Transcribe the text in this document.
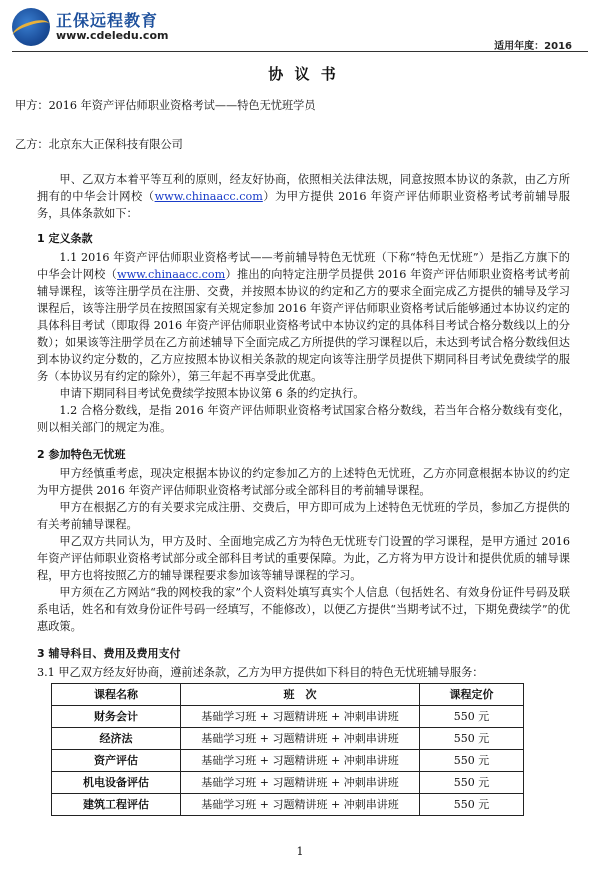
正保远程教育
www.cdeledu.com
适用年度：2016
协 议 书

甲方：2016 年资产评估师职业资格考试——特色无忧班学员

乙方：北京东大正保科技有限公司

甲、乙双方本着平等互利的原则，经友好协商，依照相关法律法规，同意按照本协议的条款，由乙方所拥有的中华会计网校（www.chinaacc.com）为甲方提供 2016 年资产评估师职业资格考试考前辅导服务，具体条款如下：

1 定义条款

1.1 2016 年资产评估师职业资格考试——考前辅导特色无忧班（下称“特色无忧班”）是指乙方旗下的中华会计网校（www.chinaacc.com）推出的向特定注册学员提供 2016 年资产评估师职业资格考试考前辅导课程，该等注册学员在注册、交费，并按照本协议的约定和乙方的要求全面完成乙方提供的辅导及学习课程后，该等注册学员在按照国家有关规定参加 2016 年资产评估师职业资格考试后能够通过本协议约定的具体科目考试（即取得 2016 年资产评估师职业资格考试中本协议约定的具体科目考试合格分数线以上的分数）；如果该等注册学员在乙方前述辅导下全面完成乙方所提供的学习课程以后，未达到考试合格分数线但达到本协议约定分数的，乙方应按照本协议相关条款的规定向该等注册学员提供下期同科目考试免费续学的服务（本协议另有约定的除外），第三年起不再享受此优惠。

申请下期同科目考试免费续学按照本协议第 6 条的约定执行。

1.2 合格分数线，是指 2016 年资产评估师职业资格考试国家合格分数线，若当年合格分数线有变化，则以相关部门的规定为准。

2 参加特色无忧班

甲方经慎重考虑，现决定根据本协议的约定参加乙方的上述特色无忧班，乙方亦同意根据本协议的约定为甲方提供 2016 年资产评估师职业资格考试部分或全部科目的考前辅导课程。

甲方在根据乙方的有关要求完成注册、交费后，甲方即可成为上述特色无忧班的学员，参加乙方提供的有关考前辅导课程。

甲乙双方共同认为，甲方及时、全面地完成乙方为特色无忧班专门设置的学习课程，是甲方通过 2016 年资产评估师职业资格考试部分或全部科目考试的重要保障。为此，乙方将为甲方设计和提供优质的辅导课程，甲方也将按照乙方的辅导课程要求参加该等辅导课程的学习。

甲方须在乙方网站“我的网校我的家”个人资料处填写真实个人信息（包括姓名、有效身份证件号码及联系电话，姓名和有效身份证件号码一经填写，不能修改），以便乙方提供“当期考试不过，下期免费续学”的优惠政策。

3 辅导科目、费用及费用支付

3.1 甲乙双方经友好协商，遵前述条款，乙方为甲方提供如下科目的特色无忧班辅导服务：

课程名称	班　次	课程定价
财务会计	基础学习班 + 习题精讲班 + 冲刺串讲班	550 元
经济法	基础学习班 + 习题精讲班 + 冲刺串讲班	550 元
资产评估	基础学习班 + 习题精讲班 + 冲刺串讲班	550 元
机电设备评估	基础学习班 + 习题精讲班 + 冲刺串讲班	550 元
建筑工程评估	基础学习班 + 习题精讲班 + 冲刺串讲班	550 元
1
